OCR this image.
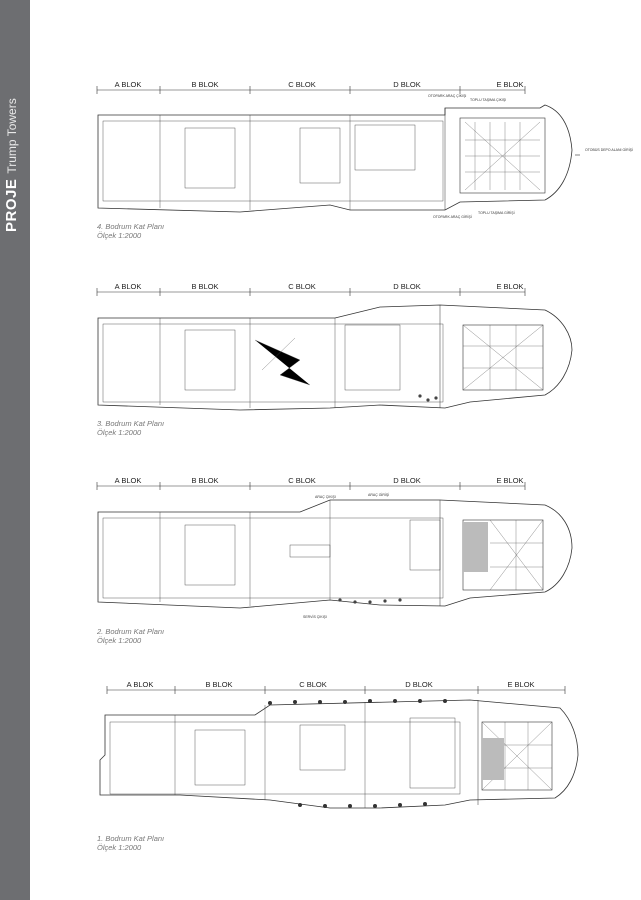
PROJETrump Towers
A BLOK	B BLOK	C BLOK	D BLOK	E BLOK
OTOPARK ARAÇ ÇIKIŞI
TOPLU TAŞIMA ÇIKIŞI
OTOBÜS DEPO ALANI GİRİŞİ
OTOPARK ARAÇ GİRİŞİ
TOPLU TAŞIMA GİRİŞİ
4. Bodrum Kat Planı
Ölçek 1:2000
A BLOK	B BLOK	C BLOK	D BLOK	E BLOK
3. Bodrum Kat Planı
Ölçek 1:2000
A BLOK	B BLOK	C BLOK	D BLOK	E BLOK
ARAÇ ÇIKIŞI	ARAÇ GİRİŞİ
SERVİS ÇIKIŞI
2. Bodrum Kat Planı
Ölçek 1:2000
A BLOK	B BLOK	C BLOK	D BLOK	E BLOK
1. Bodrum Kat Planı
Ölçek 1:2000
